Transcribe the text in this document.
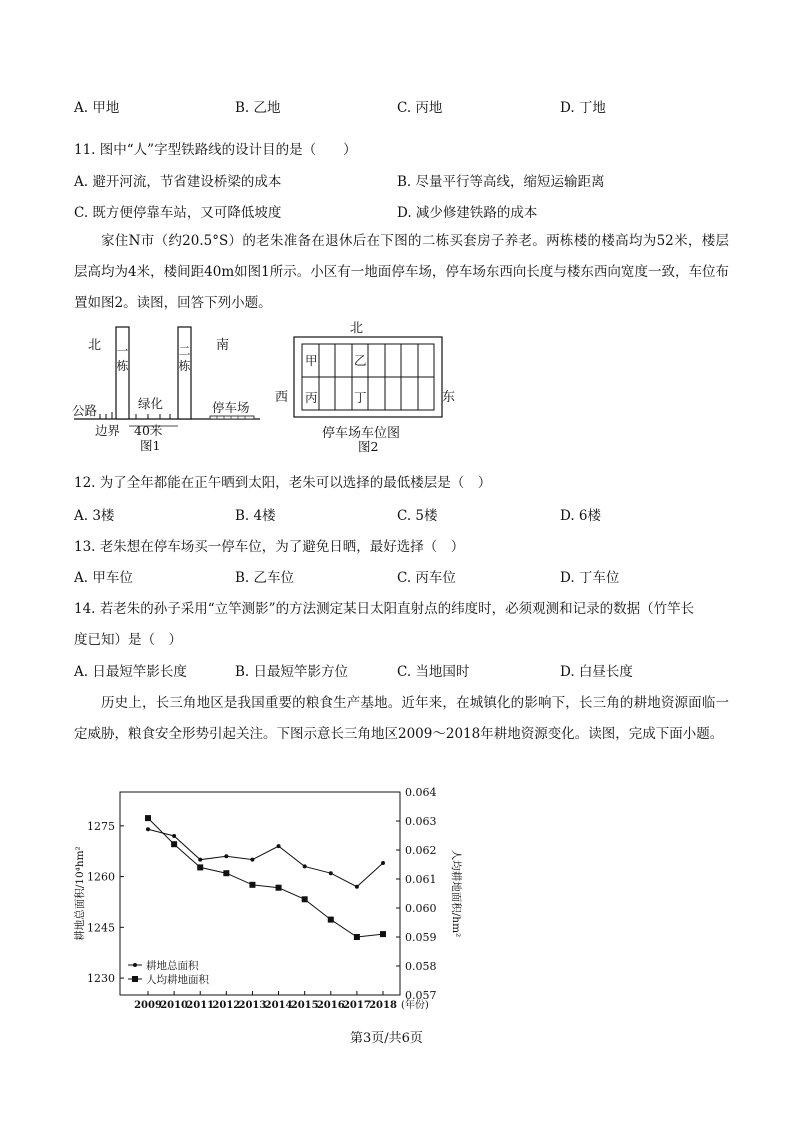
A. 甲地	B. 乙地	C. 丙地	D. 丁地
11. 图中“人”字型铁路线的设计目的是（　　）
A. 避开河流，节省建设桥梁的成本	B. 尽量平行等高线，缩短运输距离
C. 既方便停靠车站，又可降低坡度	D. 减少修建铁路的成本
家住N市（约20.5°S）的老朱准备在退休后在下图的二栋买套房子养老。两栋楼的楼高均为52米，楼层层高均为4米，楼间距40m如图1所示。小区有一地面停车场，停车场东西向长度与楼东西向宽度一致，车位布置如图2。读图，回答下列小题。
北	南
一栋
二栋
公路	绿化	停车场
边界 40米
图1
北
甲	乙
丙	丁
西	东
停车场车位图
图2
12. 为了全年都能在正午晒到太阳，老朱可以选择的最低楼层是（　）
A. 3楼	B. 4楼	C. 5楼	D. 6楼
13. 老朱想在停车场买一停车位，为了避免日晒，最好选择（　）
A. 甲车位	B. 乙车位	C. 丙车位	D. 丁车位
14. 若老朱的孙子采用“立竿测影”的方法测定某日太阳直射点的纬度时，必须观测和记录的数据（竹竿长
度已知）是（　）
A. 日最短竿影长度	B. 日最短竿影方位	C. 当地国时	D. 白昼长度
历史上，长三角地区是我国重要的粮食生产基地。近年来，在城镇化的影响下，长三角的耕地资源面临一定威胁，粮食安全形势引起关注。下图示意长三角地区2009～2018年耕地资源变化。读图，完成下面小题。
1230
1245
1260
1275
0.057
0.058
0.059
0.060
0.061
0.062
0.063
0.064
2009
2010
2011
2012
2013
2014
2015
2016
2017
2018 (年份)
耕地总面积/10⁴hm²	人均耕地面积/hm²
耕地总面积
人均耕地面积
第3页/共6页
